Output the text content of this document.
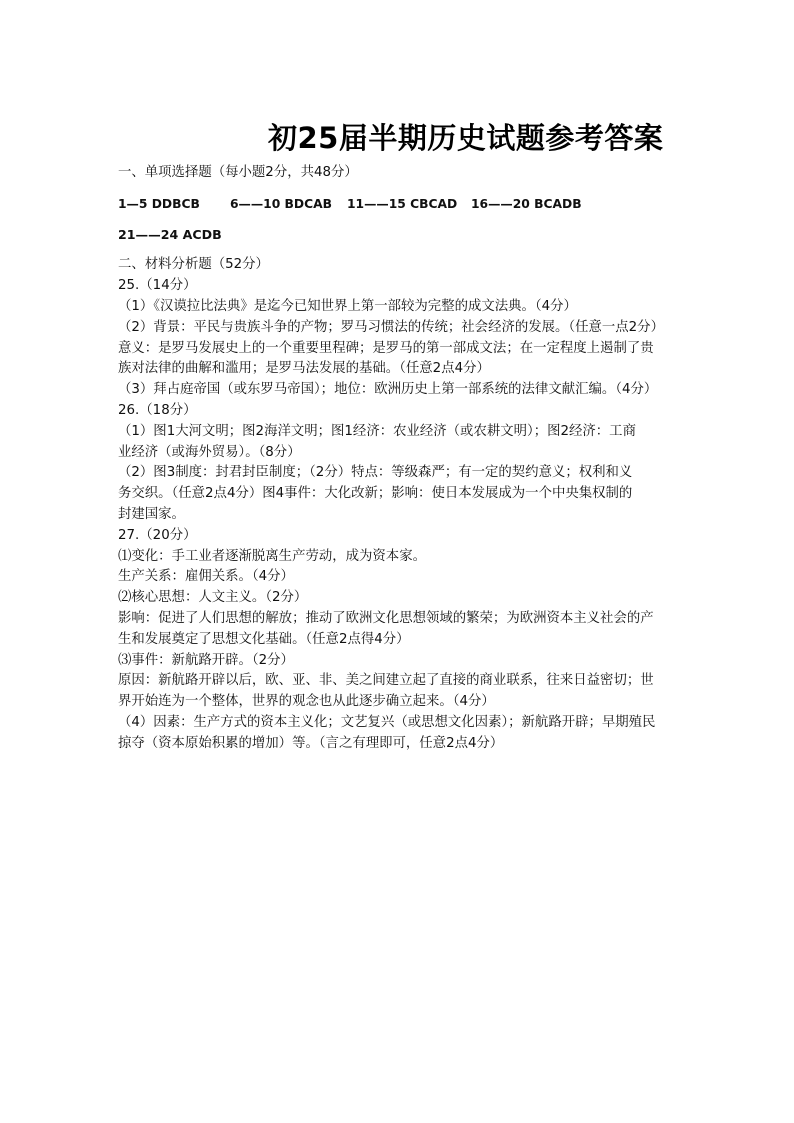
初25届半期历史试题参考答案
一、单项选择题（每小题2分，共48分）
1—5 DDBCB 6——10 BDCAB 11——15 CBCAD 16——20 BCADB
21——24 ACDB
二、材料分析题（52分）
25.（14分）
（1）《汉谟拉比法典》是迄今已知世界上第一部较为完整的成文法典。（4分）
（2）背景：平民与贵族斗争的产物；罗马习惯法的传统；社会经济的发展。（任意一点2分）
意义：是罗马发展史上的一个重要里程碑；是罗马的第一部成文法；在一定程度上遏制了贵
族对法律的曲解和滥用；是罗马法发展的基础。（任意2点4分）
（3）拜占庭帝国（或东罗马帝国）；地位：欧洲历史上第一部系统的法律文献汇编。（4分）
26.（18分）
（1）图1大河文明；图2海洋文明；图1经济：农业经济（或农耕文明）；图2经济：工商
业经济（或海外贸易）。（8分）
（2）图3制度：封君封臣制度；（2分）特点：等级森严；有一定的契约意义；权利和义
务交织。（任意2点4分）图4事件：大化改新；影响：使日本发展成为一个中央集权制的
封建国家。
27.（20分）
⑴变化：手工业者逐渐脱离生产劳动，成为资本家。
生产关系：雇佣关系。（4分）
⑵核心思想：人文主义。（2分）
影响：促进了人们思想的解放；推动了欧洲文化思想领域的繁荣；为欧洲资本主义社会的产
生和发展奠定了思想文化基础。（任意2点得4分）
⑶事件：新航路开辟。（2分）
原因：新航路开辟以后，欧、亚、非、美之间建立起了直接的商业联系，往来日益密切；世
界开始连为一个整体，世界的观念也从此逐步确立起来。（4分）
（4）因素：生产方式的资本主义化；文艺复兴（或思想文化因素）；新航路开辟；早期殖民
掠夺（资本原始积累的增加）等。（言之有理即可，任意2点4分）
